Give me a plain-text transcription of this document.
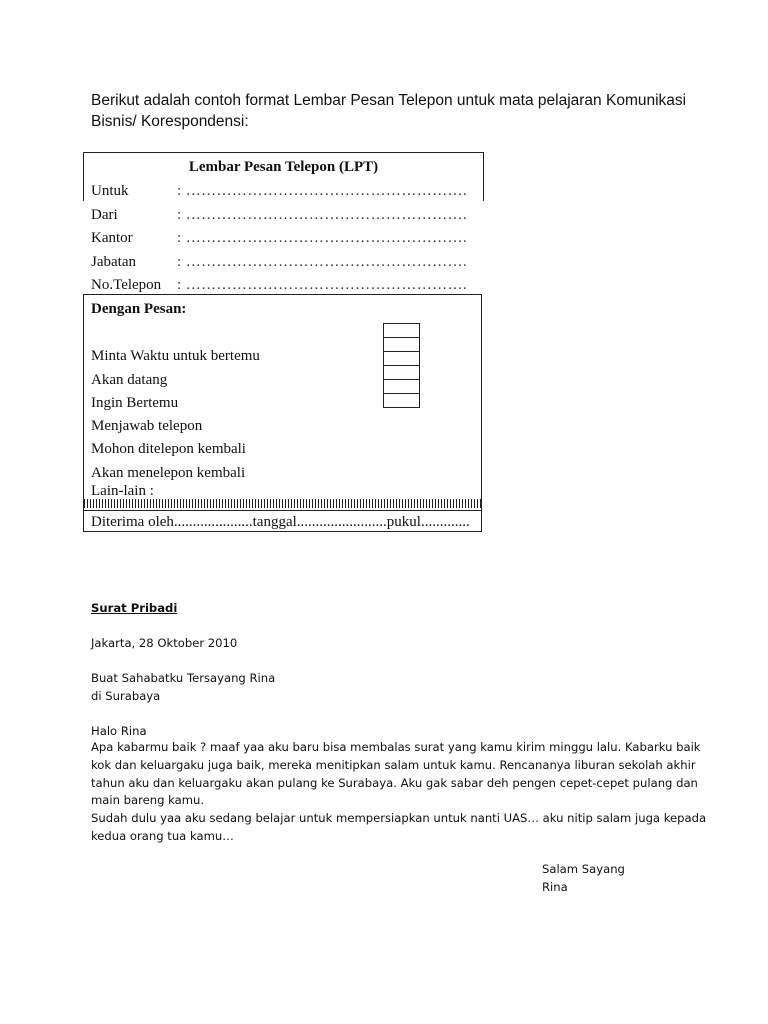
Berikut adalah contoh format Lembar Pesan Telepon untuk mata pelajaran Komunikasi
Bisnis/ Korespondensi:
Lembar Pesan Telepon (LPT)
Untuk	: ……………………………………………….
Dari	: ……………………………………………….
Kantor	: ……………………………………………….
Jabatan	: ……………………………………………….
No.Telepon : ……………………………………………….
Dengan Pesan:
Minta Waktu untuk bertemu
Akan datang
Ingin Bertemu
Menjawab telepon
Mohon ditelepon kembali
Akan menelepon kembali
Lain-lain :
Diterima oleh.....................tanggal........................pukul.............
Surat Pribadi
Jakarta, 28 Oktober 2010
Buat Sahabatku Tersayang Rina
di Surabaya
Halo Rina
Apa kabarmu baik ? maaf yaa aku baru bisa membalas surat yang kamu kirim minggu lalu. Kabarku baik
kok dan keluargaku juga baik, mereka menitipkan salam untuk kamu. Rencananya liburan sekolah akhir
tahun aku dan keluargaku akan pulang ke Surabaya. Aku gak sabar deh pengen cepet-cepet pulang dan
main bareng kamu.
Sudah dulu yaa aku sedang belajar untuk mempersiapkan untuk nanti UAS… aku nitip salam juga kepada
kedua orang tua kamu…
Salam Sayang
Rina
